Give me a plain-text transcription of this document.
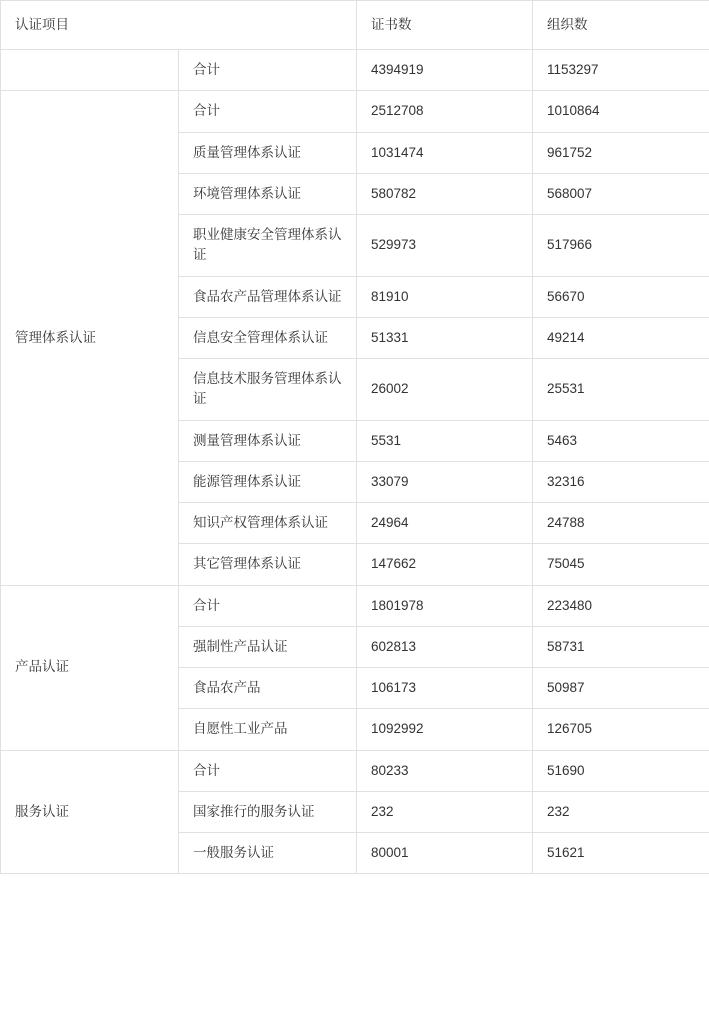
认证项目		证书数	组织数
	合计	4394919	1153297
管理体系认证	合计	2512708	1010864
	质量管理体系认证	1031474	961752
	环境管理体系认证	580782	568007
	职业健康安全管理体系认证	529973	517966
	食品农产品管理体系认证	81910	56670
	信息安全管理体系认证	51331	49214
	信息技术服务管理体系认证	26002	25531
	测量管理体系认证	5531	5463
	能源管理体系认证	33079	32316
	知识产权管理体系认证	24964	24788
	其它管理体系认证	147662	75045
产品认证	合计	1801978	223480
	强制性产品认证	602813	58731
	食品农产品	106173	50987
	自愿性工业产品	1092992	126705
服务认证	合计	80233	51690
	国家推行的服务认证	232	232
	一般服务认证	80001	51621
